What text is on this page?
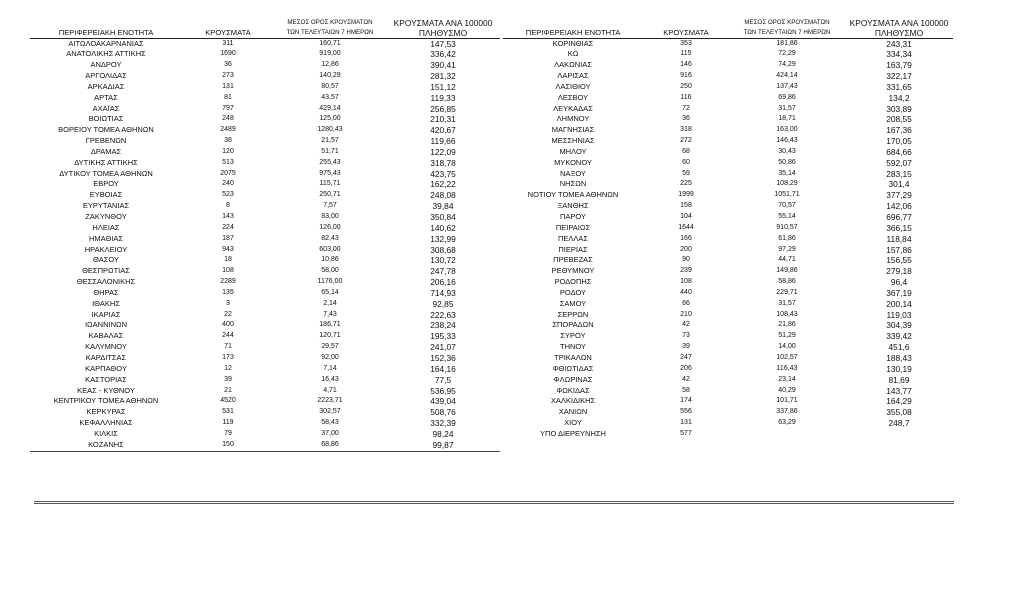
ΠΕΡΙΦΕΡΕΙΑΚΗ ΕΝΟΤΗΤΑ	ΚΡΟΥΣΜΑΤΑ	ΜΕΣΟΣ ΟΡΟΣ ΚΡΟΥΣΜΑΤΩΝ
ΤΩΝ ΤΕΛΕΥΤΑΙΩΝ 7 ΗΜΕΡΩΝ	ΚΡΟΥΣΜΑΤΑ ΑΝΑ 100000
ΠΛΗΘΥΣΜΟ
ΑΙΤΩΛΟΑΚΑΡΝΑΝΙΑΣ	311	160,71	147,53
ΑΝΑΤΟΛΙΚΗΣ ΑΤΤΙΚΗΣ	1690	919,00	336,42
ΑΝΔΡΟΥ	36	12,86	390,41
ΑΡΓΟΛΙΔΑΣ	273	140,29	281,32
ΑΡΚΑΔΙΑΣ	131	80,57	151,12
ΑΡΤΑΣ	81	43,57	119,33
ΑΧΑΪΑΣ	797	429,14	256,85
ΒΟΙΩΤΙΑΣ	248	125,00	210,31
ΒΟΡΕΙΟΥ ΤΟΜΕΑ ΑΘΗΝΩΝ	2489	1280,43	420,67
ΓΡΕΒΕΝΩΝ	38	21,57	119,66
ΔΡΑΜΑΣ	120	51,71	122,09
ΔΥΤΙΚΗΣ ΑΤΤΙΚΗΣ	513	255,43	318,78
ΔΥΤΙΚΟΥ ΤΟΜΕΑ ΑΘΗΝΩΝ	2075	975,43	423,75
ΕΒΡΟΥ	240	115,71	162,22
ΕΥΒΟΙΑΣ	523	250,71	248,08
ΕΥΡΥΤΑΝΙΑΣ	8	7,57	39,84
ΖΑΚΥΝΘΟΥ	143	83,00	350,84
ΗΛΕΙΑΣ	224	126,00	140,62
ΗΜΑΘΙΑΣ	187	82,43	132,99
ΗΡΑΚΛΕΙΟΥ	943	603,00	308,68
ΘΑΣΟΥ	18	10,86	130,72
ΘΕΣΠΡΩΤΙΑΣ	108	58,00	247,78
ΘΕΣΣΑΛΟΝΙΚΗΣ	2289	1176,00	206,16
ΘΗΡΑΣ	135	65,14	714,93
ΙΘΑΚΗΣ	3	2,14	92,85
ΙΚΑΡΙΑΣ	22	7,43	222,63
ΙΩΑΝΝΙΝΩΝ	400	186,71	238,24
ΚΑΒΑΛΑΣ	244	120,71	195,33
ΚΑΛΥΜΝΟΥ	71	29,57	241,07
ΚΑΡΔΙΤΣΑΣ	173	92,00	152,36
ΚΑΡΠΑΘΟΥ	12	7,14	164,16
ΚΑΣΤΟΡΙΑΣ	39	16,43	77,5
ΚΕΑΣ - ΚΥΘΝΟΥ	21	4,71	536,95
ΚΕΝΤΡΙΚΟΥ ΤΟΜΕΑ ΑΘΗΝΩΝ	4520	2223,71	439,04
ΚΕΡΚΥΡΑΣ	531	302,57	508,76
ΚΕΦΑΛΛΗΝΙΑΣ	119	58,43	332,39
ΚΙΛΚΙΣ	79	37,00	98,24
ΚΟΖΑΝΗΣ	150	68,86	99,87
ΠΕΡΙΦΕΡΕΙΑΚΗ ΕΝΟΤΗΤΑ	ΚΡΟΥΣΜΑΤΑ	ΜΕΣΟΣ ΟΡΟΣ ΚΡΟΥΣΜΑΤΩΝ
ΤΩΝ ΤΕΛΕΥΤΑΙΩΝ 7 ΗΜΕΡΩΝ	ΚΡΟΥΣΜΑΤΑ ΑΝΑ 100000
ΠΛΗΘΥΣΜΟ
ΚΟΡΙΝΘΙΑΣ	353	181,86	243,31
ΚΩ	115	72,29	334,34
ΛΑΚΩΝΙΑΣ	146	74,29	163,79
ΛΑΡΙΣΑΣ	916	424,14	322,17
ΛΑΣΙΘΙΟΥ	250	137,43	331,65
ΛΕΣΒΟΥ	116	69,86	134,2
ΛΕΥΚΑΔΑΣ	72	31,57	303,89
ΛΗΜΝΟΥ	36	18,71	208,55
ΜΑΓΝΗΣΙΑΣ	318	163,00	167,36
ΜΕΣΣΗΝΙΑΣ	272	146,43	170,05
ΜΗΛΟΥ	68	30,43	684,66
ΜΥΚΟΝΟΥ	60	50,86	592,07
ΝΑΞΟΥ	59	35,14	283,15
ΝΗΣΩΝ	225	108,29	301,4
ΝΟΤΙΟΥ ΤΟΜΕΑ ΑΘΗΝΩΝ	1999	1051,71	377,29
ΞΑΝΘΗΣ	158	70,57	142,06
ΠΑΡΟΥ	104	55,14	696,77
ΠΕΙΡΑΙΩΣ	1644	910,57	366,15
ΠΕΛΛΑΣ	166	61,86	118,84
ΠΙΕΡΙΑΣ	200	97,29	157,86
ΠΡΕΒΕΖΑΣ	90	44,71	156,55
ΡΕΘΥΜΝΟΥ	239	149,86	279,18
ΡΟΔΟΠΗΣ	108	58,86	96,4
ΡΟΔΟΥ	440	229,71	367,19
ΣΑΜΟΥ	66	31,57	200,14
ΣΕΡΡΩΝ	210	108,43	119,03
ΣΠΟΡΑΔΩΝ	42	21,86	304,39
ΣΥΡΟΥ	73	51,29	339,42
ΤΗΝΟΥ	39	14,00	451,6
ΤΡΙΚΑΛΩΝ	247	102,57	188,43
ΦΘΙΩΤΙΔΑΣ	206	116,43	130,19
ΦΛΩΡΙΝΑΣ	42	23,14	81,69
ΦΩΚΙΔΑΣ	58	40,29	143,77
ΧΑΛΚΙΔΙΚΗΣ	174	101,71	164,29
ΧΑΝΙΩΝ	556	337,86	355,08
ΧΙΟΥ	131	63,29	248,7
ΥΠΟ ΔΙΕΡΕΥΝΗΣΗ	577		
